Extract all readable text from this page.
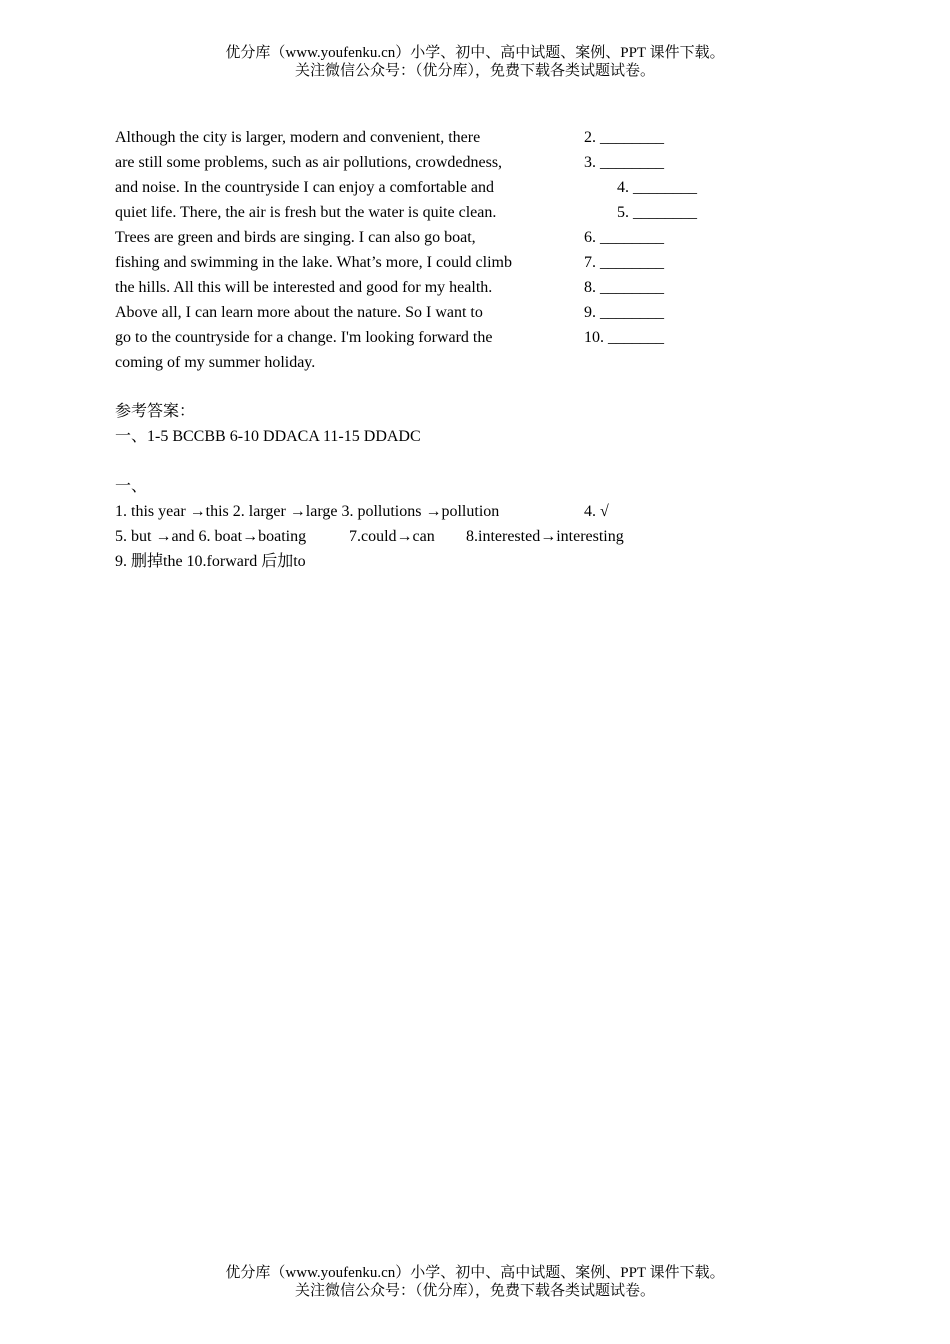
优分库（www.youfenku.cn）小学、初中、高中试题、案例、PPT 课件下载。
关注微信公众号：（优分库），免费下载各类试题试卷。
Although the city is larger, modern and convenient, there
are still some problems, such as air pollutions, crowdedness,
and noise. In the countryside I can enjoy a comfortable and
quiet life. There, the air is fresh but the water is quite clean.
Trees are green and birds are singing. I can also go boat,
fishing and swimming in the lake. What’s more, I could climb
the hills. All this will be interested and good for my health.
Above all, I can learn more about the nature. So I want to
go to the countryside for a change. I'm looking forward the
coming of my summer holiday.
2. ________
3. ________
4. ________
5. ________
6. ________
7. ________
8. ________
9. ________
10. _______
参考答案：
一、1-5 BCCBB 6-10 DDACA 11-15 DDADC
一、
1. this year →this 2. larger →large 3. pollutions →pollution	4. √
5. but →and 6. boat→boating	7.could→can 8.interested→interesting
9. 删掉the 10.forward 后加to
优分库（www.youfenku.cn）小学、初中、高中试题、案例、PPT 课件下载。
关注微信公众号：（优分库），免费下载各类试题试卷。
